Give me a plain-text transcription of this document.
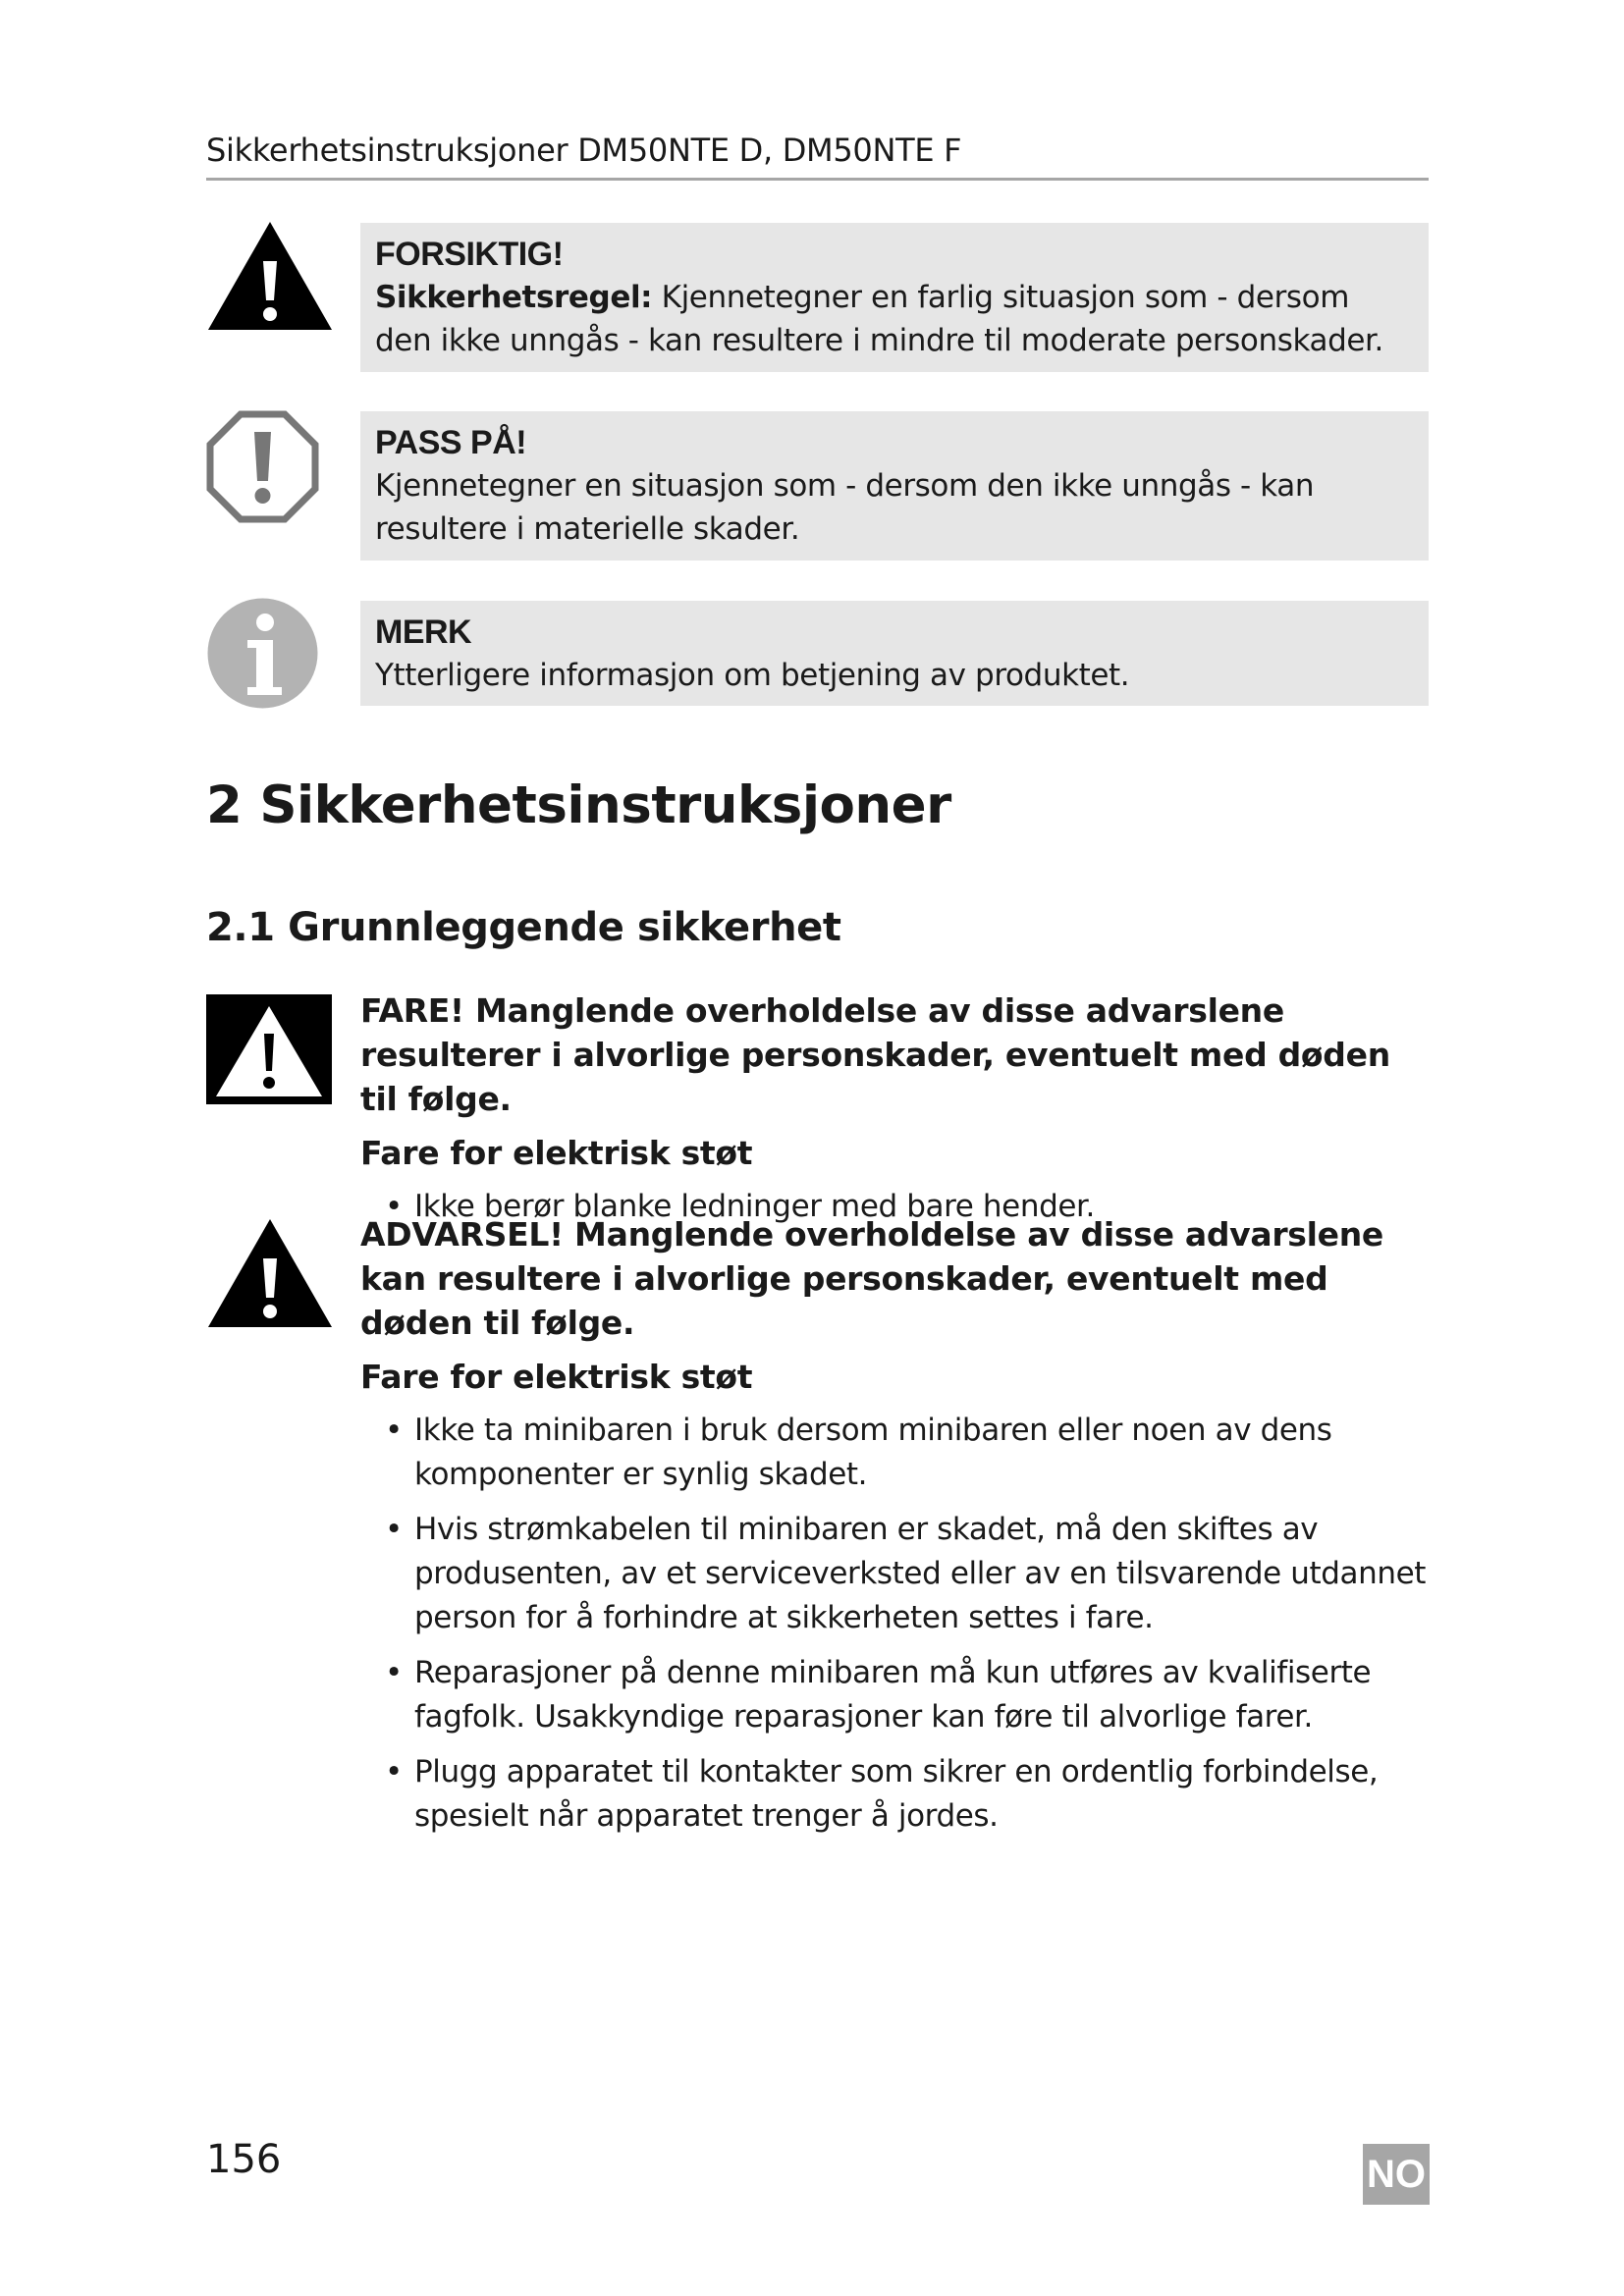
Sikkerhetsinstruksjoner DM50NTE D, DM50NTE F
FORSIKTIG!
Sikkerhetsregel: Kjennetegner en farlig situasjon som - dersom den ikke unngås - kan resultere i mindre til moderate personskader.
PASS PÅ!
Kjennetegner en situasjon som - dersom den ikke unngås - kan resultere i materielle skader.
MERK
Ytterligere informasjon om betjening av produktet.
2 Sikkerhetsinstruksjoner
2.1 Grunnleggende sikkerhet
FARE! Manglende overholdelse av disse advarslene resulterer i alvorlige personskader, eventuelt med døden til følge.
Fare for elektrisk støt
• Ikke berør blanke ledninger med bare hender.
ADVARSEL! Manglende overholdelse av disse advarslene kan resultere i alvorlige personskader, eventuelt med døden til følge.
Fare for elektrisk støt
• Ikke ta minibaren i bruk dersom minibaren eller noen av dens komponenter er synlig skadet.
• Hvis strømkabelen til minibaren er skadet, må den skiftes av produsenten, av et serviceverksted eller av en tilsvarende utdannet person for å forhindre at sikkerheten settes i fare.
• Reparasjoner på denne minibaren må kun utføres av kvalifiserte fagfolk. Usakkyndige reparasjoner kan føre til alvorlige farer.
• Plugg apparatet til kontakter som sikrer en ordentlig forbindelse, spesielt når apparatet trenger å jordes.
156	NO
